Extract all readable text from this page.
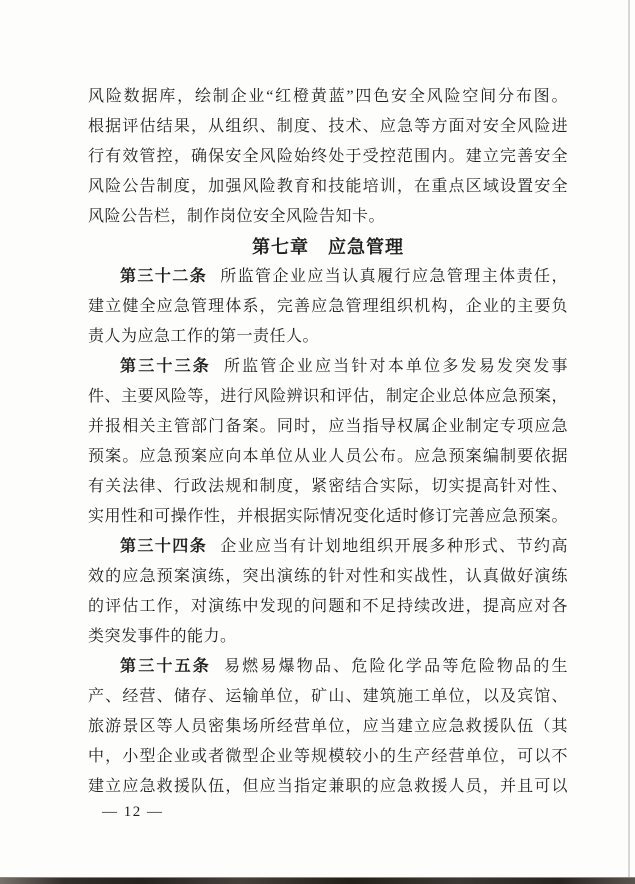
风险数据库，绘制企业“红橙黄蓝”四色安全风险空间分布图。
根据评估结果，从组织、制度、技术、应急等方面对安全风险进
行有效管控，确保安全风险始终处于受控范围内。建立完善安全
风险公告制度，加强风险教育和技能培训，在重点区域设置安全
风险公告栏，制作岗位安全风险告知卡。
第七章　应急管理
第三十二条 所监管企业应当认真履行应急管理主体责任，
建立健全应急管理体系，完善应急管理组织机构，企业的主要负
责人为应急工作的第一责任人。
第三十三条 所监管企业应当针对本单位多发易发突发事
件、主要风险等，进行风险辨识和评估，制定企业总体应急预案，
并报相关主管部门备案。同时，应当指导权属企业制定专项应急
预案。应急预案应向本单位从业人员公布。应急预案编制要依据
有关法律、行政法规和制度，紧密结合实际，切实提高针对性、
实用性和可操作性，并根据实际情况变化适时修订完善应急预案。
第三十四条 企业应当有计划地组织开展多种形式、节约高
效的应急预案演练，突出演练的针对性和实战性，认真做好演练
的评估工作，对演练中发现的问题和不足持续改进，提高应对各
类突发事件的能力。
第三十五条 易燃易爆物品、危险化学品等危险物品的生
产、经营、储存、运输单位，矿山、建筑施工单位，以及宾馆、
旅游景区等人员密集场所经营单位，应当建立应急救援队伍（其
中，小型企业或者微型企业等规模较小的生产经营单位，可以不
建立应急救援队伍，但应当指定兼职的应急救援人员，并且可以
— 12 —
